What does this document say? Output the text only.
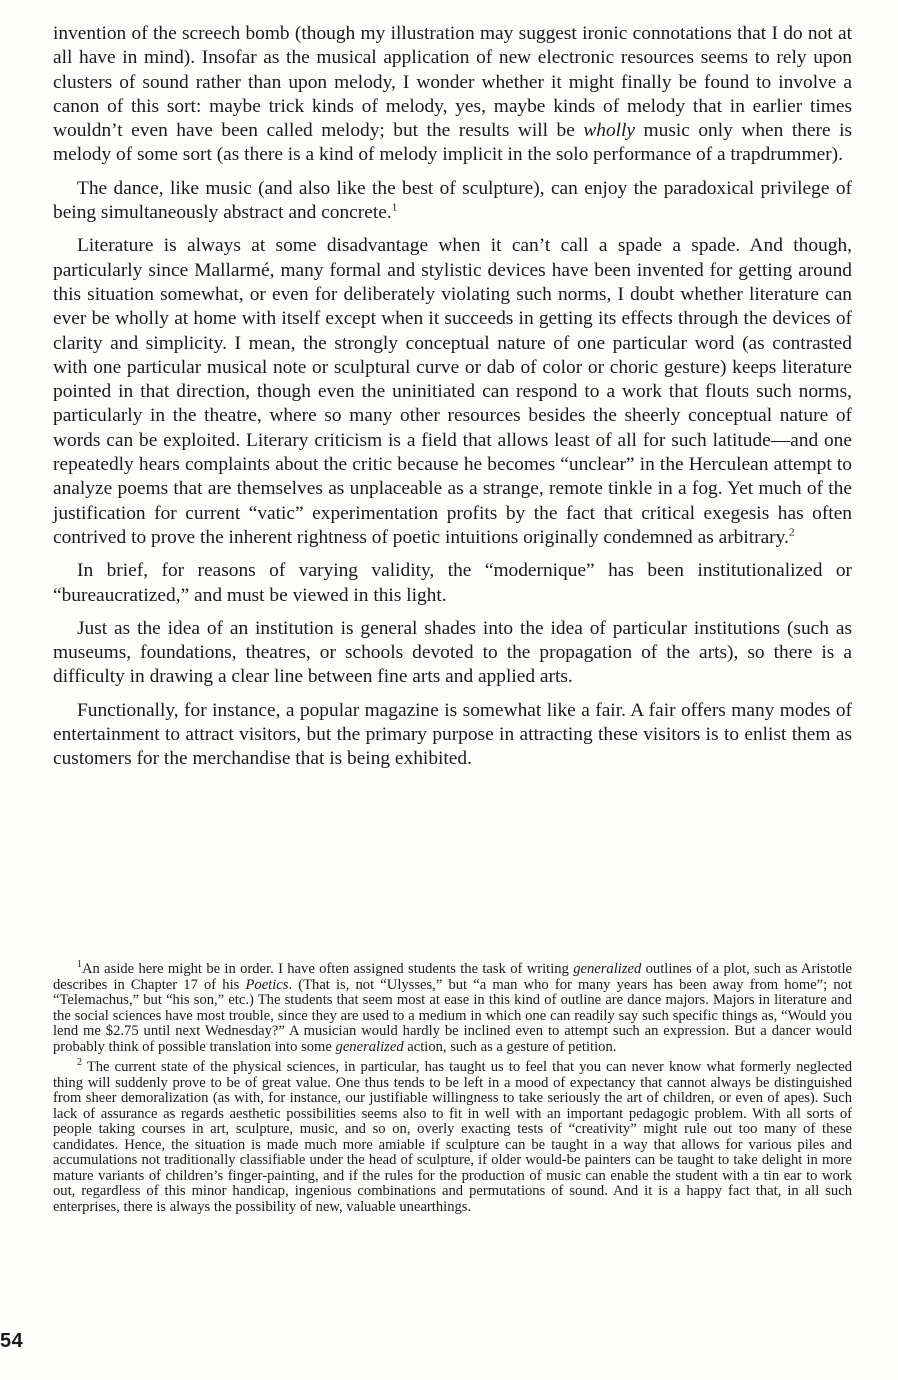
invention of the screech bomb (though my illustration may suggest ironic connotations that I do not at all have in mind). Insofar as the musical application of new electronic resources seems to rely upon clusters of sound rather than upon melody, I wonder whether it might finally be found to involve a canon of this sort: maybe trick kinds of melody, yes, maybe kinds of melody that in earlier times wouldn’t even have been called melody; but the results will be wholly music only when there is melody of some sort (as there is a kind of melody implicit in the solo performance of a trapdrummer).

The dance, like music (and also like the best of sculpture), can enjoy the paradoxical privilege of being simultaneously abstract and concrete.$^1$

Literature is always at some disadvantage when it can’t call a spade a spade. And though, particularly since Mallarmé, many formal and stylistic devices have been invented for getting around this situation somewhat, or even for deliberately violating such norms, I doubt whether literature can ever be wholly at home with itself except when it succeeds in getting its effects through the devices of clarity and simplicity. I mean, the strongly conceptual nature of one particular word (as contrasted with one particular musical note or sculptural curve or dab of color or choric gesture) keeps literature pointed in that direction, though even the uninitiated can respond to a work that flouts such norms, particularly in the theatre, where so many other resources besides the sheerly conceptual nature of words can be exploited. Literary criticism is a field that allows least of all for such latitude—and one repeatedly hears complaints about the critic because he becomes “unclear” in the Herculean attempt to analyze poems that are themselves as unplaceable as a strange, remote tinkle in a fog. Yet much of the justification for current “vatic” experimentation profits by the fact that critical exegesis has often contrived to prove the inherent rightness of poetic intuitions originally condemned as arbitrary.$^2$

In brief, for reasons of varying validity, the “modernique” has been institutionalized or “bureaucratized,” and must be viewed in this light.

Just as the idea of an institution is general shades into the idea of particular institutions (such as museums, foundations, theatres, or schools devoted to the propagation of the arts), so there is a difficulty in drawing a clear line between fine arts and applied arts.

Functionally, for instance, a popular magazine is somewhat like a fair. A fair offers many modes of entertainment to attract visitors, but the primary purpose in attracting these visitors is to enlist them as customers for the merchandise that is being exhibited.

$^1$An aside here might be in order. I have often assigned students the task of writing generalized outlines of a plot, such as Aristotle describes in Chapter 17 of his Poetics. (That is, not “Ulysses,” but “a man who for many years has been away from home”; not “Telemachus,” but “his son,” etc.) The students that seem most at ease in this kind of outline are dance majors. Majors in literature and the social sciences have most trouble, since they are used to a medium in which one can readily say such specific things as, “Would you lend me $2.75 until next Wednesday?” A musician would hardly be inclined even to attempt such an expression. But a dancer would probably think of possible translation into some generalized action, such as a gesture of petition.

$^2$ The current state of the physical sciences, in particular, has taught us to feel that you can never know what formerly neglected thing will suddenly prove to be of great value. One thus tends to be left in a mood of expectancy that cannot always be distinguished from sheer demoralization (as with, for instance, our justifiable willingness to take seriously the art of children, or even of apes). Such lack of assurance as regards aesthetic possibilities seems also to fit in well with an important pedagogic problem. With all sorts of people taking courses in art, sculpture, music, and so on, overly exacting tests of “creativity” might rule out too many of these candidates. Hence, the situation is made much more amiable if sculpture can be taught in a way that allows for various piles and accumulations not traditionally classifiable under the head of sculpture, if older would-be painters can be taught to take delight in more mature variants of children’s finger-painting, and if the rules for the production of music can enable the student with a tin ear to work out, regardless of this minor handicap, ingenious combinations and permutations of sound. And it is a happy fact that, in all such enterprises, there is always the possibility of new, valuable unearthings.

54
